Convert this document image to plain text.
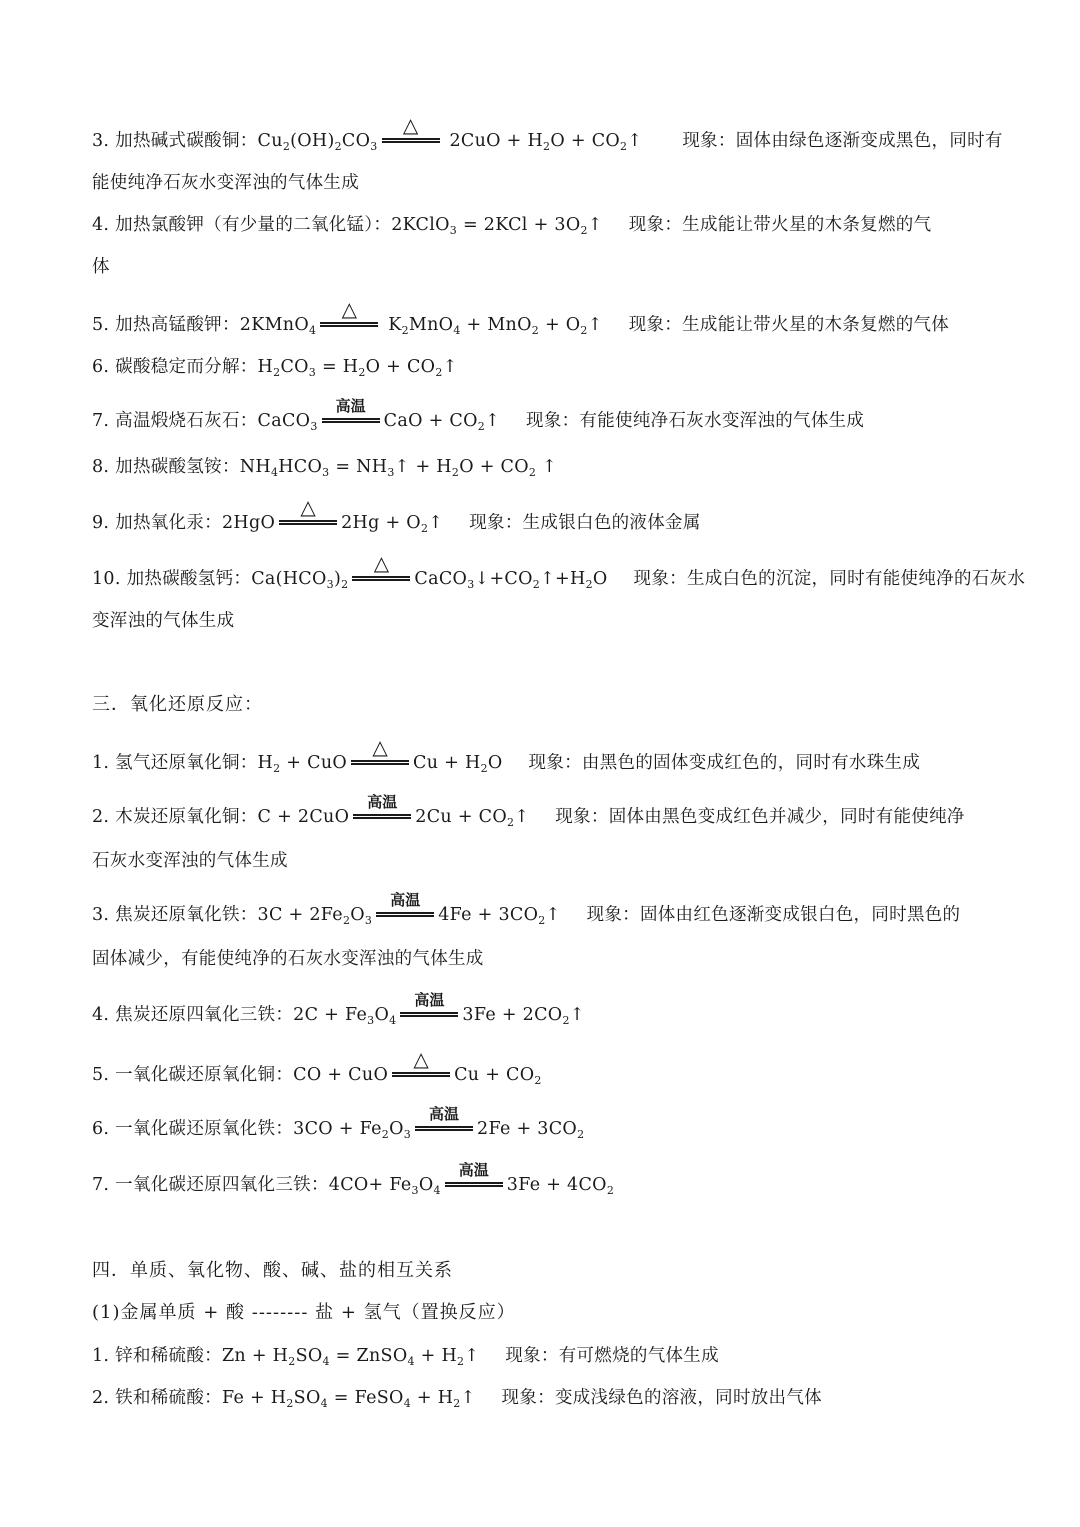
3. 加热碱式碳酸铜：$Cu_2(OH)_2CO_3$
△
$2CuO + H_2O$ + $CO_2↑$ 现象：固体由绿色逐渐变成黑色，同时有
能使纯净石灰水变浑浊的气体生成
4. 加热氯酸钾（有少量的二氧化锰）：2KClO$_3$ = $2KCl + 3O_2↑$ 现象：生成能让带火星的木条复燃的气
体
5. 加热高锰酸钾：2KMnO$_4$
△
$K_2MnO_4 + MnO_2$ + $O_2↑$ 现象：生成能让带火星的木条复燃的气体
6. 碳酸稳定而分解：$H_2CO_3 = H_2O$ + $CO_2↑$
7. 高温煅烧石灰石：CaCO$_3$
高温
CaO + $CO_2↑$ 现象：有能使纯净石灰水变浑浊的气体生成
8. 加热碳酸氢铵：$NH_4HCO_3$ = $NH_3↑ + H_2O + CO_2$ ↑
9. 加热氧化汞：2HgO
△
$2Hg + O_2↑$ 现象：生成银白色的液体金属
10. 加热碳酸氢钙：$Ca(HCO_3)_2$
△
$CaCO_3↓+CO_2↑+H_2O$ 现象：生成白色的沉淀，同时有能使纯净的石灰水
变浑浊的气体生成
三．氧化还原反应：
1. 氢气还原氧化铜：$H_2$ + CuO
△
$Cu + H_2O$ 现象：由黑色的固体变成红色的，同时有水珠生成
2. 木炭还原氧化铜：C + 2CuO
高温
$2Cu + CO_2↑$ 现象：固体由黑色变成红色并减少，同时有能使纯净
石灰水变浑浊的气体生成
3. 焦炭还原氧化铁：$3C + 2Fe_2O_3$
高温
$4Fe + 3CO_2↑$ 现象：固体由红色逐渐变成银白色，同时黑色的
固体减少，有能使纯净的石灰水变浑浊的气体生成
4. 焦炭还原四氧化三铁：$2C + Fe_3O_4$
高温
$3Fe + 2CO_2↑$
5. 一氧化碳还原氧化铜：CO + CuO
△
$Cu + CO_2$
6. 一氧化碳还原氧化铁：$3CO + Fe_2O_3$
高温
$2Fe + 3CO_2$
7. 一氧化碳还原四氧化三铁：$4CO+ Fe_3O_4$
高温
$3Fe + 4CO_2$
四．单质、氧化物、酸、碱、盐的相互关系
(1)金属单质 + 酸 -------- 盐 + 氢气（置换反应）
1. 锌和稀硫酸：$Zn + H_2SO_4$ = ZnSO$_4$ + $H_2↑$ 现象：有可燃烧的气体生成
2. 铁和稀硫酸：$Fe + H_2SO_4$ = FeSO$_4$ + $H_2↑$ 现象：变成浅绿色的溶液，同时放出气体
